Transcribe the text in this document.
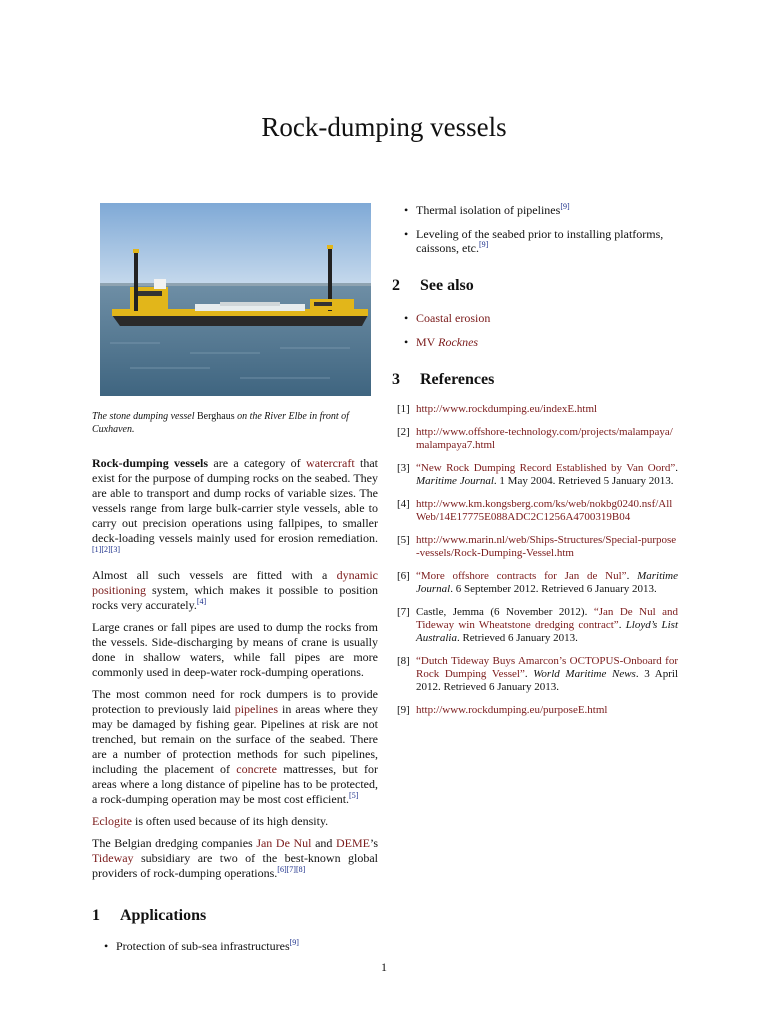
Rock-dumping vessels
The stone dumping vessel Berghaus on the River Elbe in front of Cuxhaven.

Rock-dumping vessels are a category of watercraft that exist for the purpose of dumping rocks on the seabed. They are able to transport and dump rocks of variable sizes. The vessels range from large bulk-carrier style vessels, able to carry out precision operations using fallpipes, to smaller deck-loading vessels mainly used for erosion remediation.[1][2][3]

Almost all such vessels are fitted with a dynamic positioning system, which makes it possible to position rocks very accurately.[4]

Large cranes or fall pipes are used to dump the rocks from the vessels. Side-discharging by means of crane is usually done in shallow waters, while fall pipes are more commonly used in deep-water rock-dumping operations.

The most common need for rock dumpers is to provide protection to previously laid pipelines in areas where they may be damaged by fishing gear. Pipelines at risk are not trenched, but remain on the surface of the seabed. There are a number of protection methods for such pipelines, including the placement of concrete mattresses, but for areas where a long distance of pipeline has to be protected, a rock-dumping operation may be most cost efficient.[5]

Eclogite is often used because of its high density.

The Belgian dredging companies Jan De Nul and DEME’s Tideway subsidiary are two of the best-known global providers of rock-dumping operations.[6][7][8]

1 Applications
• Protection of sub-sea infrastructures[9]
• Thermal isolation of pipelines[9]
• Leveling of the seabed prior to installing platforms, caissons, etc.[9]
2 See also
• Coastal erosion
• MV Rocknes
3 References
[1] http://www.rockdumping.eu/indexE.html
[2] http://www.offshore-technology.com/projects/malampaya/malampaya7.html
[3] “New Rock Dumping Record Established by Van Oord”. Maritime Journal. 1 May 2004. Retrieved 5 January 2013.
[4] http://www.km.kongsberg.com/ks/web/nokbg0240.nsf/AllWeb/14E17775E088ADC2C1256A4700319B04
[5] http://www.marin.nl/web/Ships-Structures/Special-purpose-vessels/Rock-Dumping-Vessel.htm
[6] “More offshore contracts for Jan de Nul”. Maritime Journal. 6 September 2012. Retrieved 6 January 2013.
[7] Castle, Jemma (6 November 2012). “Jan De Nul and Tideway win Wheatstone dredging contract”. Lloyd’s List Australia. Retrieved 6 January 2013.
[8] “Dutch Tideway Buys Amarcon’s OCTOPUS-Onboard for Rock Dumping Vessel”. World Maritime News. 3 April 2012. Retrieved 6 January 2013.
[9] http://www.rockdumping.eu/purposeE.html
1
